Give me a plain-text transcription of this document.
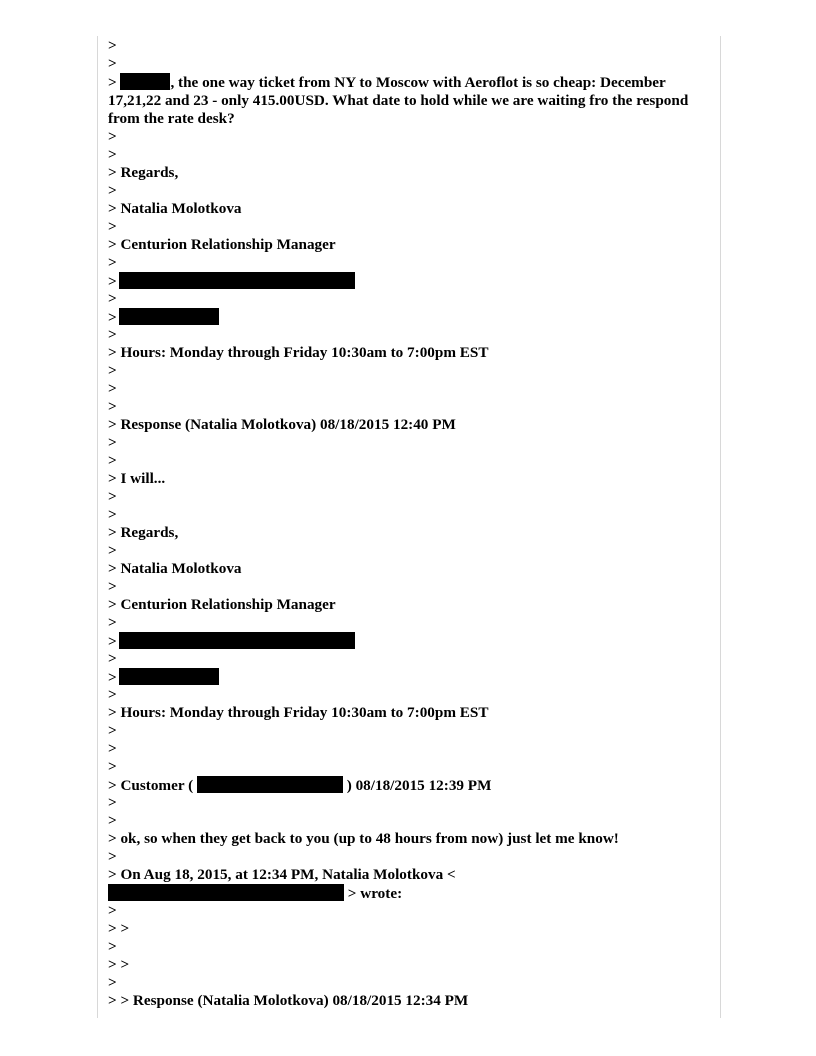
>
>
>	, the one way ticket from NY to Moscow with Aeroflot is so cheap: December 17,21,22 and 23 - only 415.00USD. What date to hold while we are waiting fro the respond from the rate desk?
>
>
> Regards,
>
> Natalia Molotkova
>
> Centurion Relationship Manager
>
>
>
>
>
> Hours: Monday through Friday 10:30am to 7:00pm EST
>
>
>
> Response (Natalia Molotkova) 08/18/2015 12:40 PM
>
>
> I will...
>
>
> Regards,
>
> Natalia Molotkova
>
> Centurion Relationship Manager
>
>
>
>
>
> Hours: Monday through Friday 10:30am to 7:00pm EST
>
>
>
> Customer (	) 08/18/2015 12:39 PM
>
>
> ok, so when they get back to you (up to 48 hours from now) just let me know!
>
> On Aug 18, 2015, at 12:34 PM, Natalia Molotkova <
> wrote:
>
> >
>
> >
>
> > Response (Natalia Molotkova) 08/18/2015 12:34 PM
